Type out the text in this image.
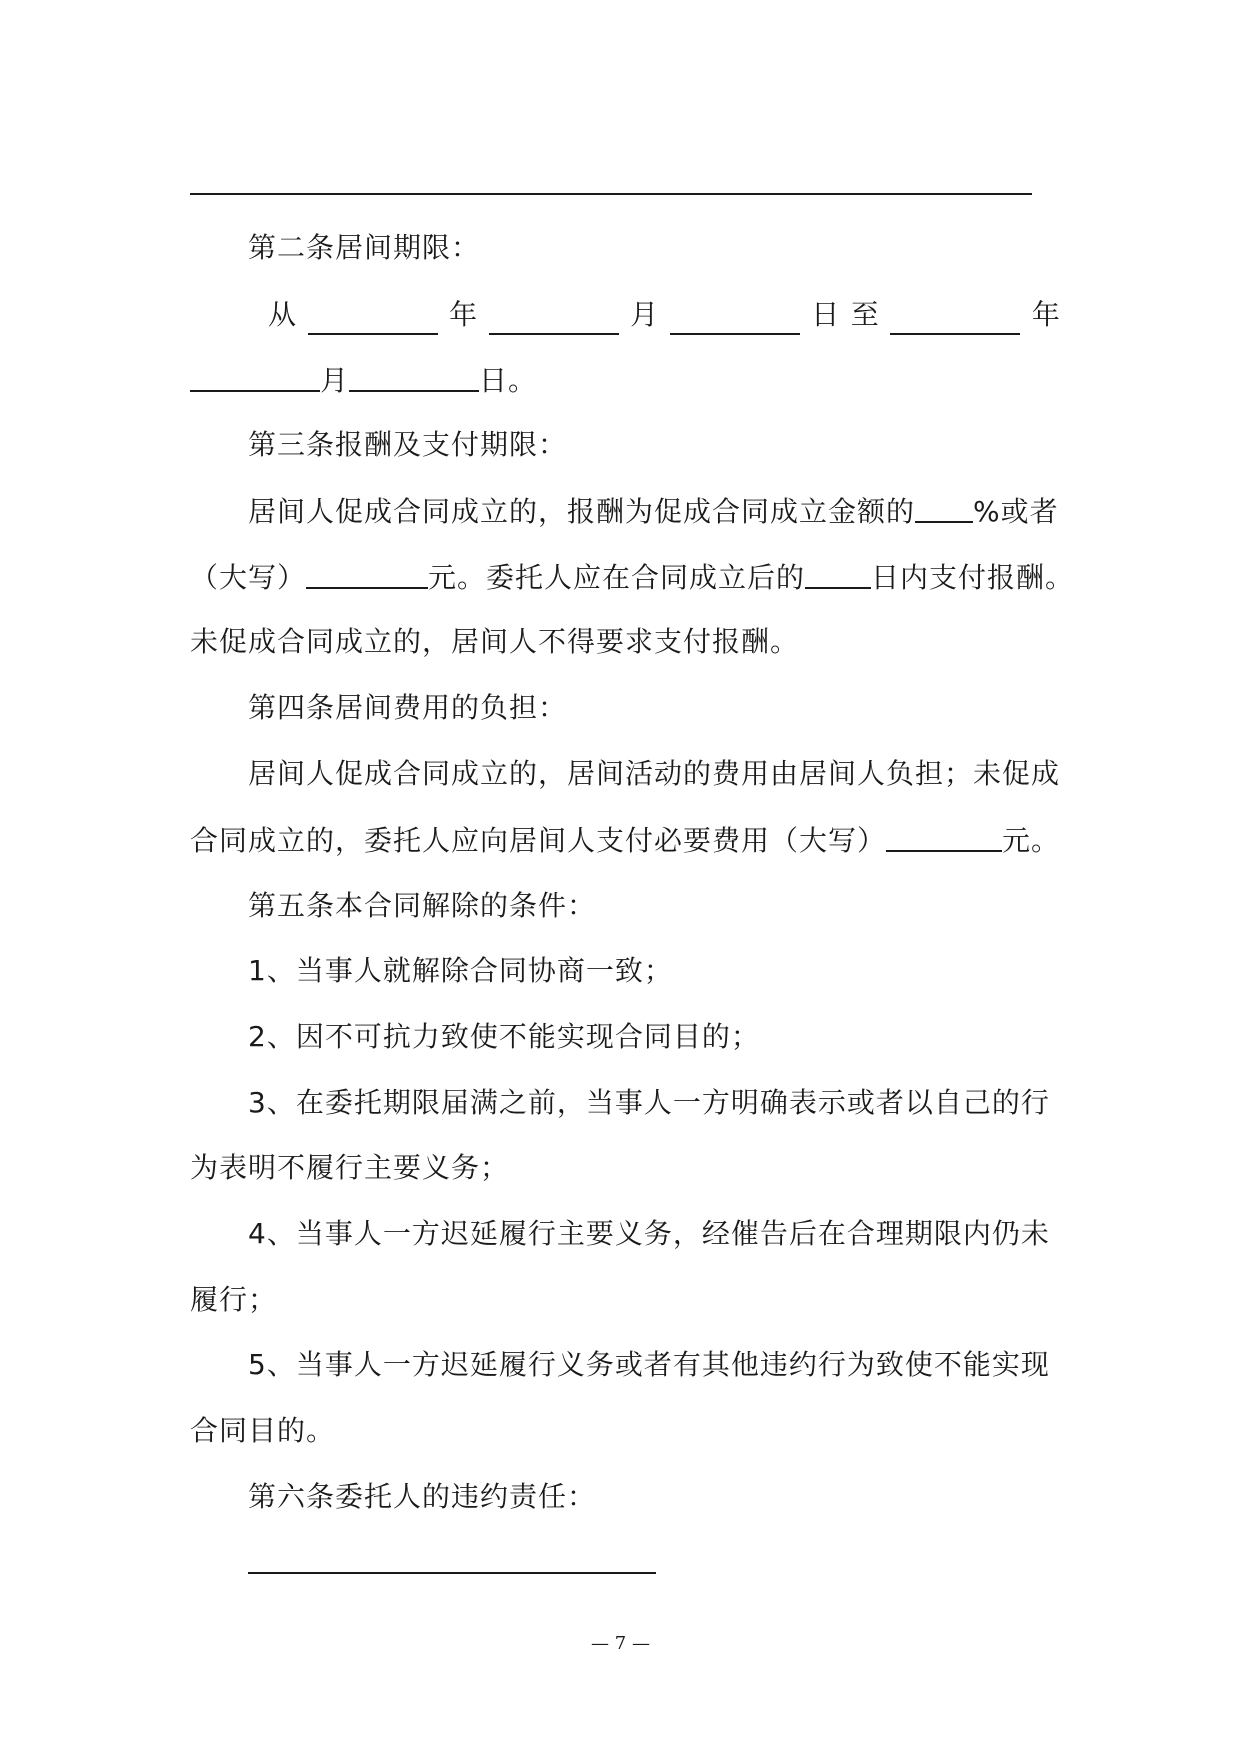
第二条居间期限：
从	年	月	日 至	年
月	日。
第三条报酬及支付期限：
居间人促成合同成立的，报酬为促成合同成立金额的 %或者
（大写）	元。委托人应在合同成立后的 日内支付报酬。
未促成合同成立的，居间人不得要求支付报酬。
第四条居间费用的负担：
居间人促成合同成立的，居间活动的费用由居间人负担；未促成
合同成立的，委托人应向居间人支付必要费用（大写）	元。
第五条本合同解除的条件：
1、当事人就解除合同协商一致；
2、因不可抗力致使不能实现合同目的；
3、在委托期限届满之前，当事人一方明确表示或者以自己的行
为表明不履行主要义务；
4、当事人一方迟延履行主要义务，经催告后在合理期限内仍未
履行；
5、当事人一方迟延履行义务或者有其他违约行为致使不能实现
合同目的。
第六条委托人的违约责任：
— 7 —
